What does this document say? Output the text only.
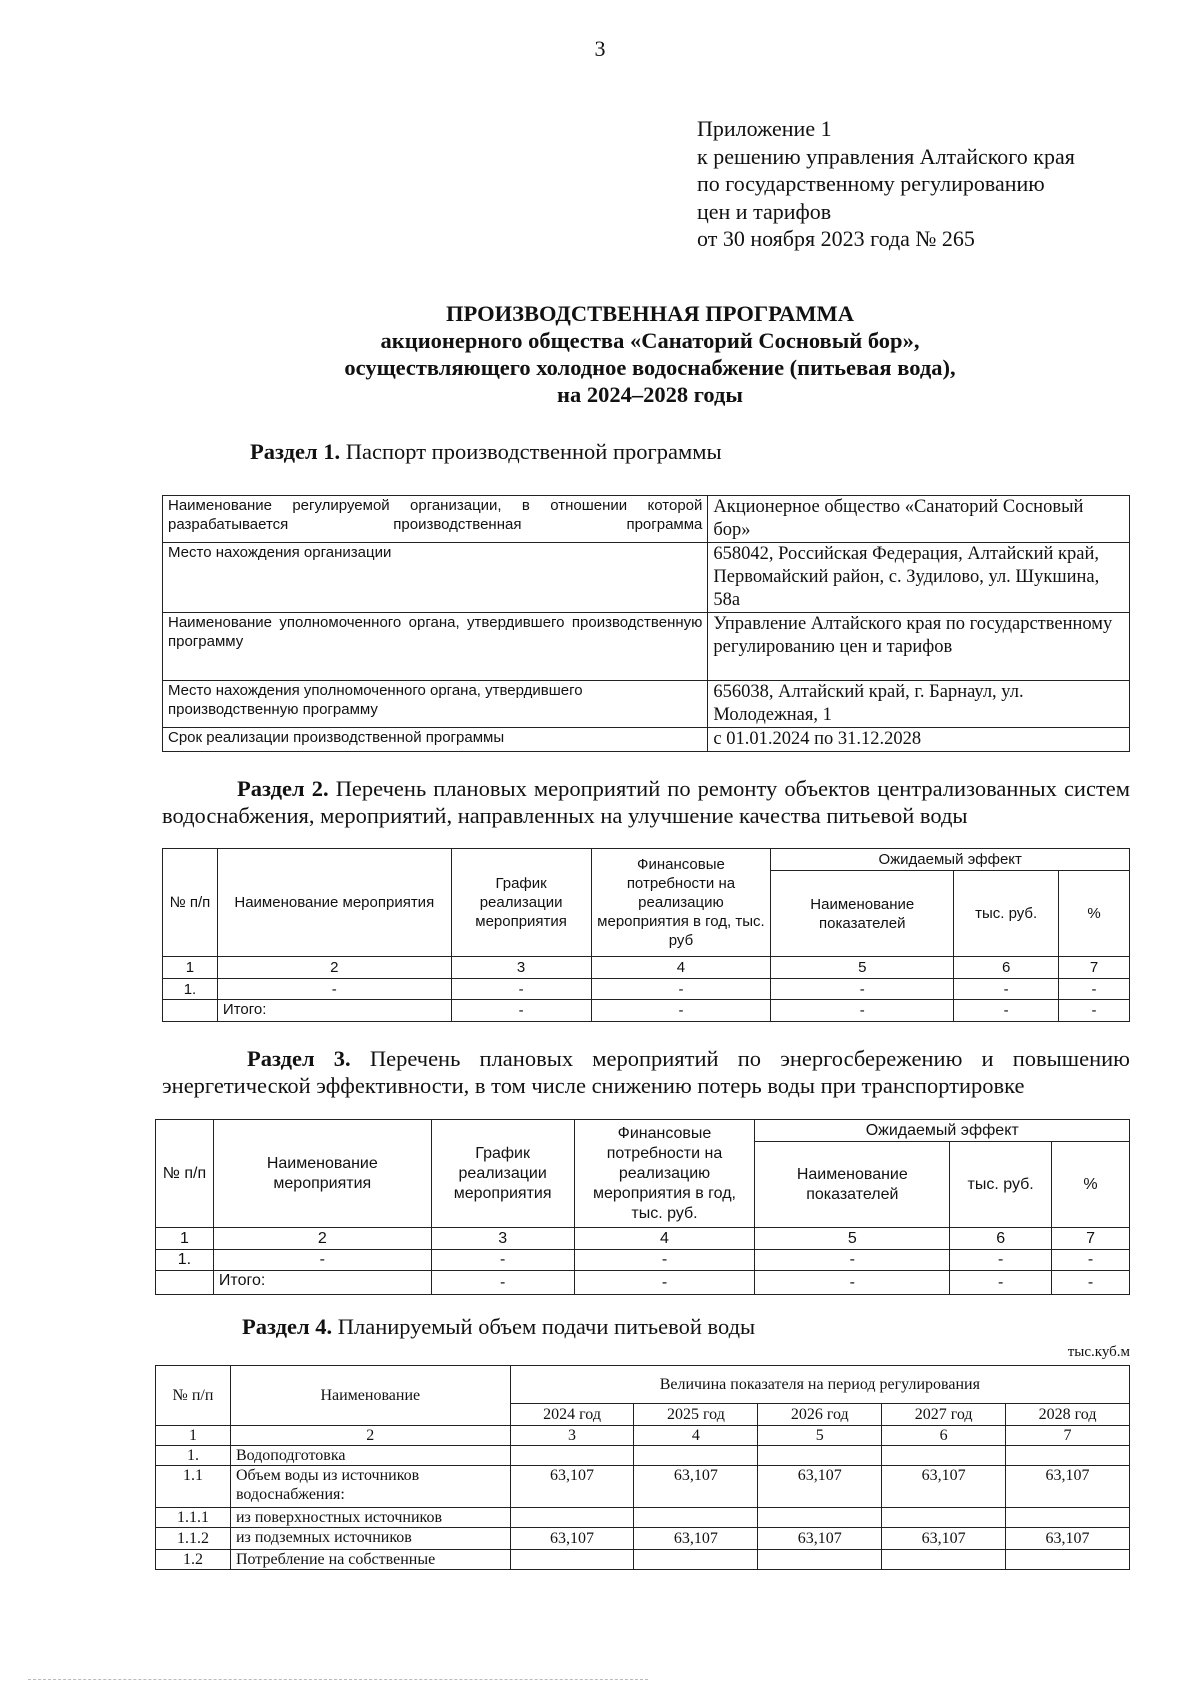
3
Приложение 1
к решению управления Алтайского края
по государственному регулированию
цен и тарифов
от 30 ноября 2023 года № 265
ПРОИЗВОДСТВЕННАЯ ПРОГРАММА
акционерного общества «Санаторий Сосновый бор»,
осуществляющего холодное водоснабжение (питьевая вода),
на 2024–2028 годы
Раздел 1. Паспорт производственной программы
Наименование регулируемой организации, в отношении которой разрабатывается производственная программа	Акционерное общество «Санаторий Сосновый бор»
Место нахождения организации	658042, Российская Федерация, Алтайский край, Первомайский район, с. Зудилово, ул. Шукшина, 58а
Наименование уполномоченного органа, утвердившего производственную программу	Управление Алтайского края по государственному регулированию цен и тарифов
Место нахождения уполномоченного органа, утвердившего производственную программу	656038, Алтайский край, г. Барнаул, ул. Молодежная, 1
Срок реализации производственной программы	с 01.01.2024 по 31.12.2028
Раздел 2. Перечень плановых мероприятий по ремонту объектов централизованных систем водоснабжения, мероприятий, направленных на улучшение качества питьевой воды
№ п/п	Наименование мероприятия	График реализации мероприятия	Финансовые потребности на реализацию мероприятия в год, тыс. руб	Ожидаемый эффект		
				Наименование показателей	тыс. руб.	%
1	2	3	4	5	6	7
1.	-	-	-	-	-	-
	Итого:	-	-	-	-	-
Раздел 3. Перечень плановых мероприятий по энергосбережению и повышению энергетической эффективности, в том числе снижению потерь воды при транспортировке
№ п/п	Наименование мероприятия	График реализации мероприятия	Финансовые потребности на реализацию мероприятия в год, тыс. руб.	Ожидаемый эффект		
				Наименование показателей	тыс. руб.	%
1	2	3	4	5	6	7
1.	-	-	-	-	-	-
	Итого:	-	-	-	-	-
Раздел 4. Планируемый объем подачи питьевой воды
тыс.куб.м
№ п/п	Наименование	Величина показателя на период регулирования				
		2024 год	2025 год	2026 год	2027 год	2028 год
1	2	3	4	5	6	7
1.	Водоподготовка					
1.1	Объем воды из источников водоснабжения:	63,107	63,107	63,107	63,107	63,107
1.1.1	из поверхностных источников					
1.1.2	из подземных источников	63,107	63,107	63,107	63,107	63,107
1.2	Потребление на собственные					
